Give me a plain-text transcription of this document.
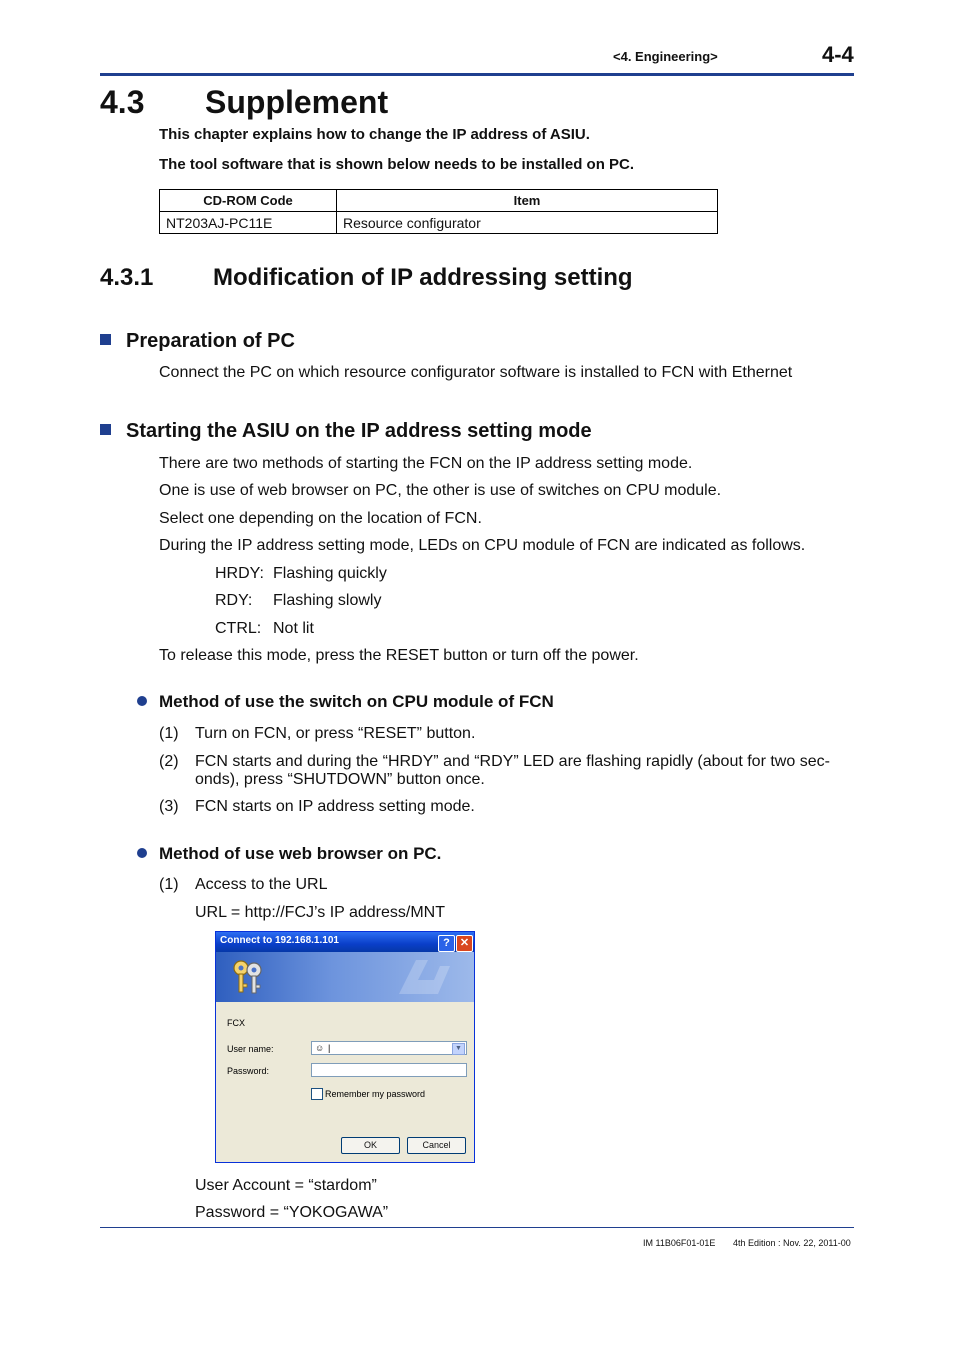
<4. Engineering>	4-4
4.3 Supplement
This chapter explains how to change the IP address of ASIU.
The tool software that is shown below needs to be installed on PC.
CD-ROM Code	Item
NT203AJ-PC11E	Resource configurator
4.3.1 Modification of IP addressing setting
Preparation of PC
Connect the PC on which resource configurator software is installed to FCN with Ethernet
Starting the ASIU on the IP address setting mode
There are two methods of starting the FCN on the IP address setting mode.
One is use of web browser on PC, the other is use of switches on CPU module.
Select one depending on the location of FCN.
During the IP address setting mode, LEDs on CPU module of FCN are indicated as follows.
HRDY: Flashing quickly
RDY: Flashing slowly
CTRL: Not lit
To release this mode, press the RESET button or turn off the power.
Method of use the switch on CPU module of FCN
(1) Turn on FCN, or press “RESET” button.
(2) FCN starts and during the “HRDY” and “RDY” LED are flashing rapidly (about for two sec-
onds), press “SHUTDOWN” button once.
(3) FCN starts on IP address setting mode.
Method of use web browser on PC.
(1) Access to the URL
URL = http://FCJ’s IP address/MNT
Connect to 192.168.1.101	? ✕
FCX
User name:	☺ |	▼
Password:
Remember my password
OK	Cancel
User Account = “stardom”
Password = “YOKOGAWA”
IM 11B06F01-01E 4th Edition : Nov. 22, 2011-00
